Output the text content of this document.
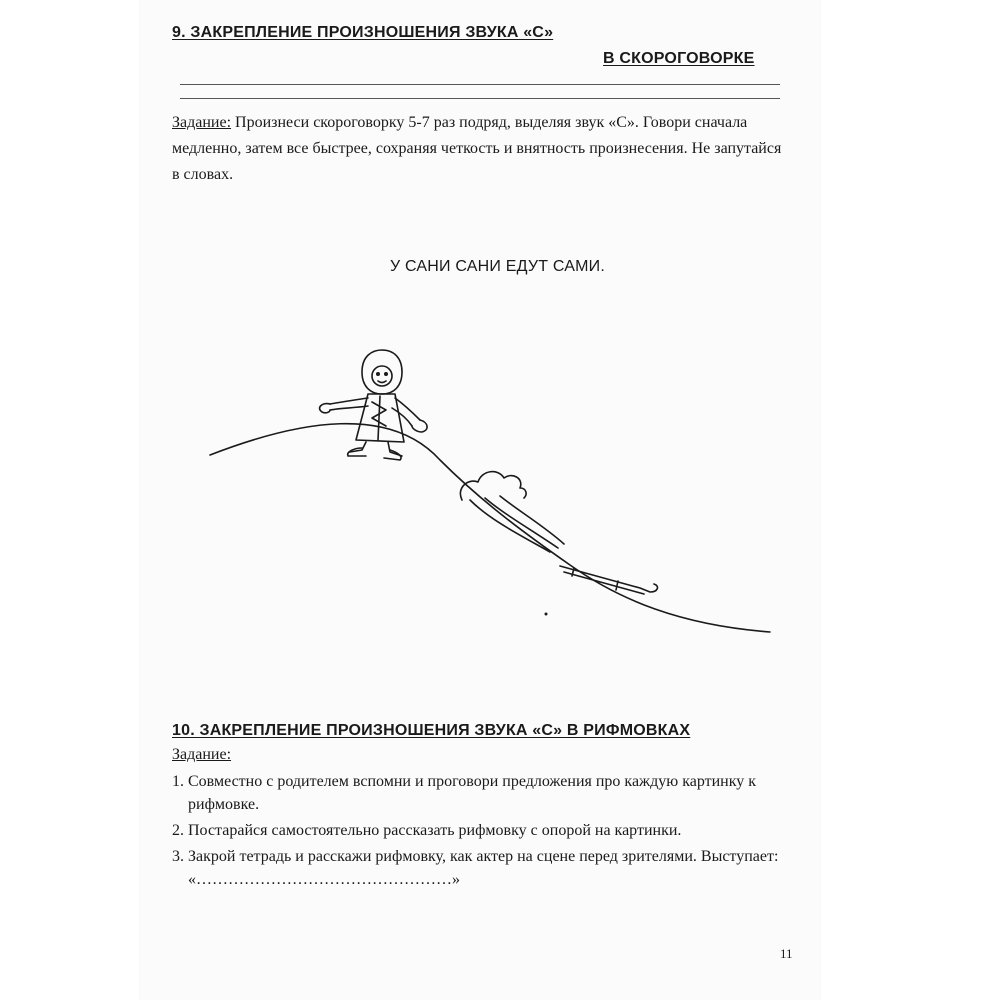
9. ЗАКРЕПЛЕНИЕ ПРОИЗНОШЕНИЯ ЗВУКА «С»
В СКОРОГОВОРКЕ
Задание: Произнеси скороговорку 5-7 раз подряд, выделяя звук «С». Говори сначала медленно, затем все быстрее, сохраняя четкость и внятность произнесения. Не запутайся в словах.
У САНИ САНИ ЕДУТ САМИ.
10. ЗАКРЕПЛЕНИЕ ПРОИЗНОШЕНИЯ ЗВУКА «С» В РИФМОВКАХ
Задание:
1. Совместно с родителем вспомни и проговори предложения про каждую картинку к рифмовке.
2. Постарайся самостоятельно рассказать рифмовку с опорой на картинки.
3. Закрой тетрадь и расскажи рифмовку, как актер на сцене перед зрителями. Выступает: «…………………………………………»
11
